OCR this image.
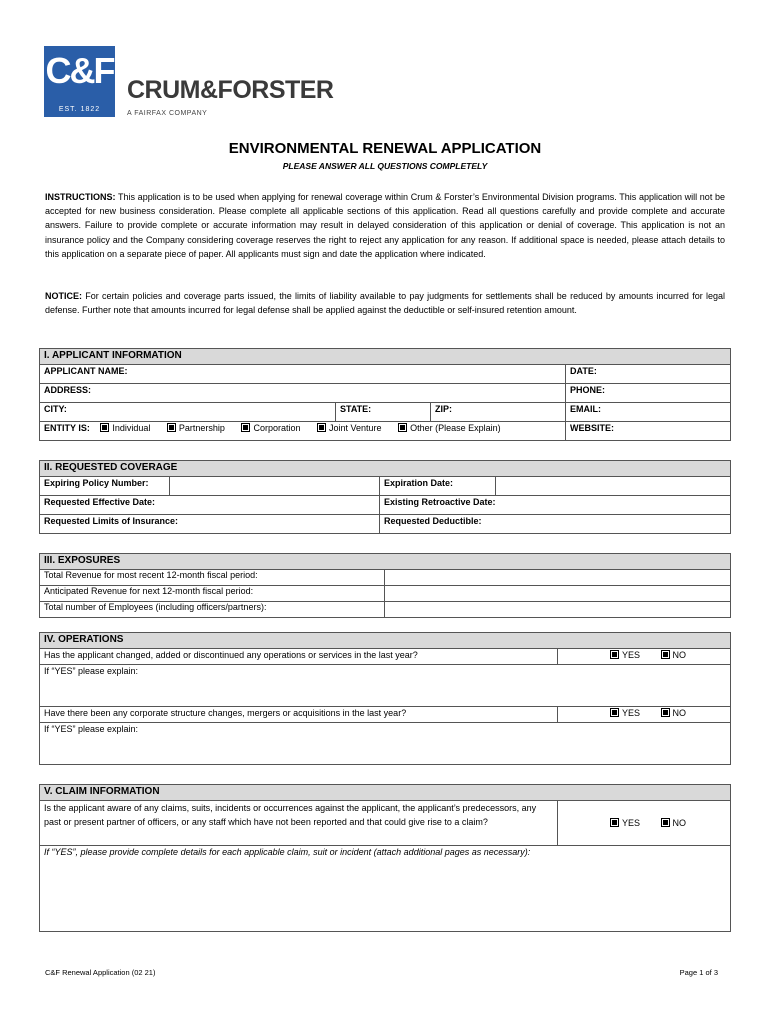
C&F
EST. 1822
CRUM&FORSTER
A FAIRFAX COMPANY
ENVIRONMENTAL RENEWAL APPLICATION
PLEASE ANSWER ALL QUESTIONS COMPLETELY
INSTRUCTIONS: This application is to be used when applying for renewal coverage within Crum & Forster’s Environmental Division programs. This application will not be accepted for new business consideration. Please complete all applicable sections of this application. Read all questions carefully and provide complete and accurate answers. Failure to provide complete or accurate information may result in delayed consideration of this application or denial of coverage. This application is not an insurance policy and the Company considering coverage reserves the right to reject any application for any reason. If additional space is needed, please attach details to this application on a separate piece of paper. All applicants must sign and date the application where indicated.
NOTICE: For certain policies and coverage parts issued, the limits of liability available to pay judgments for settlements shall be reduced by amounts incurred for legal defense. Further note that amounts incurred for legal defense shall be applied against the deductible or self-insured retention amount.
I. APPLICANT INFORMATION			
APPLICANT NAME:			DATE:
ADDRESS:			PHONE:
CITY:	STATE:	ZIP:	EMAIL:
ENTITY IS: Individual Partnership Corporation Joint Venture Other (Please Explain)			WEBSITE:
II. REQUESTED COVERAGE			
Expiring Policy Number:		Expiration Date:	
Requested Effective Date:		Existing Retroactive Date:	
Requested Limits of Insurance:		Requested Deductible:	
III. EXPOSURES	
Total Revenue for most recent 12-month fiscal period:	
Anticipated Revenue for next 12-month fiscal period:	
Total number of Employees (including officers/partners):	
IV. OPERATIONS	
Has the applicant changed, added or discontinued any operations or services in the last year?	YES NO
If “YES” please explain:	
Have there been any corporate structure changes, mergers or acquisitions in the last year?	YES NO
If “YES” please explain:	
V. CLAIM INFORMATION
Is the applicant aware of any claims, suits, incidents or occurrences against the applicant, the applicant’s predecessors, any past or present partner of officers, or any staff which have not been reported and that could give rise to a claim?	YES	NO
If “YES”, please provide complete details for each applicable claim, suit or incident (attach additional pages as necessary):
C&F Renewal Application (02 21)	Page 1 of 3
